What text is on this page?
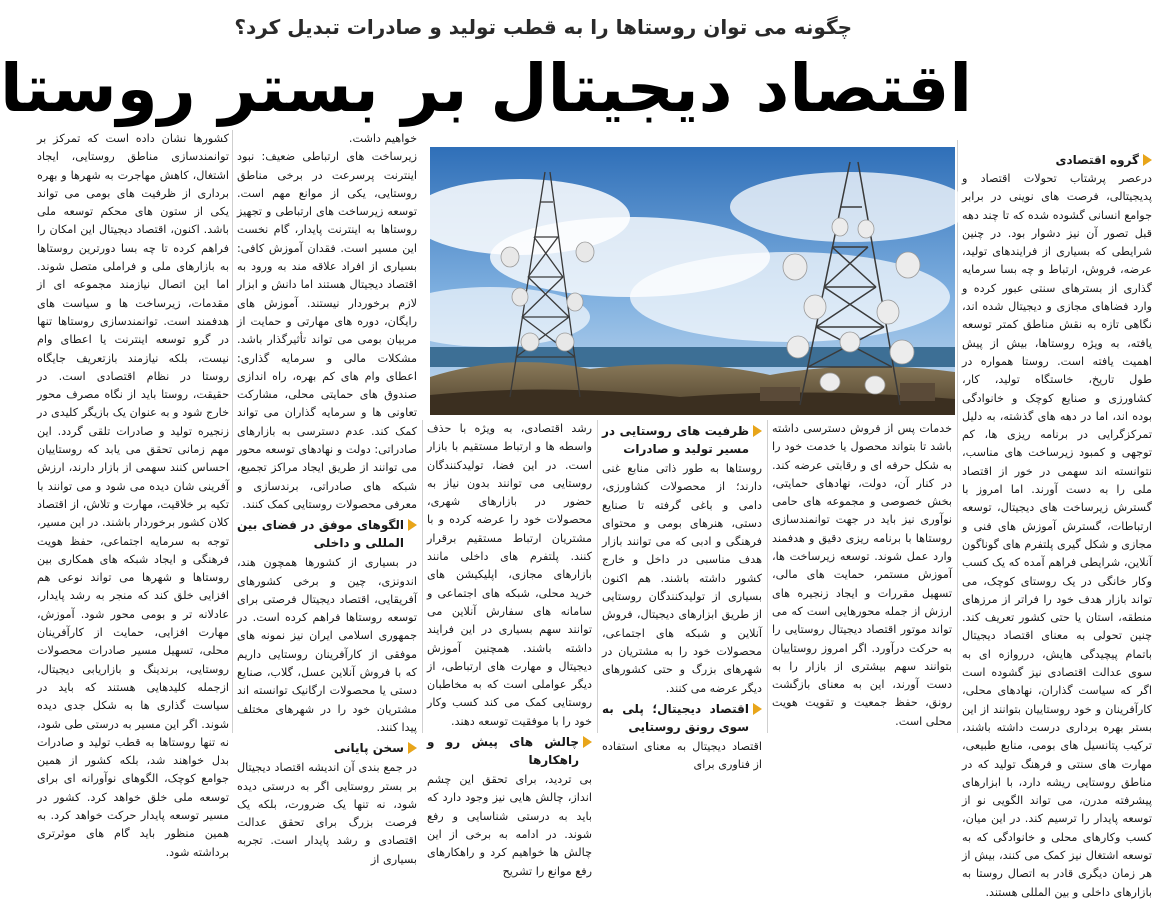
چگونه می توان روستاها را به قطب تولید و صادرات تبدیل کرد؟
اقتصاد دیجیتال بر بستر روستا
گروه اقتصادی

درعصر پرشتاب تحولات اقتصاد و پدیجیتالی، فرصت های نوینی در برابر جوامع انسانی گشوده شده که تا چند دهه قبل تصور آن نیز دشوار بود. در چنین شرایطی که بسیاری از فرایندهای تولید، عرضه، فروش، ارتباط و چه بسا سرمایه گذاری از بسترهای سنتی عبور کرده و وارد فضاهای مجازی و دیجیتال شده اند، نگاهی تازه به نقش مناطق کمتر توسعه یافته، به ویژه روستاها، بیش از پیش اهمیت یافته است. روستا همواره در طول تاریخ، خاستگاه تولید، کار، کشاورزی و صنایع کوچک و خانوادگی بوده اند، اما در دهه های گذشته، به دلیل تمرکزگرایی در برنامه ریزی ها، کم توجهی و کمبود زیرساخت های مناسب، نتوانسته اند سهمی در خور از اقتصاد ملی را به دست آورند. اما امروز با گسترش زیرساخت های دیجیتال، توسعه ارتباطات، گسترش آموزش های فنی و مجازی و شکل گیری پلتفرم های گوناگون آنلاین، شرایطی فراهم آمده که یک کسب وکار خانگی در یک روستای کوچک، می تواند بازار هدف خود را فراتر از مرزهای منطقه، استان یا حتی کشور تعریف کند. چنین تحولی به معنای اقتصاد دیجیتال باتمام پیچیدگی هایش، درروازه ای به سوی عدالت اقتصادی نیز گشوده است اگر که سیاست گذاران، نهادهای محلی، کارآفرینان و خود روستاییان بتوانند از این بستر بهره برداری درست داشته باشند، ترکیب پتانسیل های بومی، منابع طبیعی، مهارت های سنتی و فرهنگ تولید که در مناطق روستایی ریشه دارد، با ابزارهای پیشرفته مدرن، می تواند الگویی نو از توسعه پایدار را ترسیم کند. در این میان، کسب وکارهای محلی و خانوادگی که به توسعه اشتغال نیز کمک می کنند، بیش از هر زمان دیگری قادر به اتصال روستا به بازارهای داخلی و بین المللی هستند.

خدمات پس از فروش دسترسی داشته باشد تا بتواند محصول یا خدمت خود را به شکل حرفه ای و رقابتی عرضه کند. در کنار آن، دولت، نهادهای حمایتی، بخش خصوصی و مجموعه های حامی نوآوری نیز باید در جهت توانمندسازی روستاها با برنامه ریزی دقیق و هدفمند وارد عمل شوند. توسعه زیرساخت ها، آموزش مستمر، حمایت های مالی، تسهیل مقررات و ایجاد زنجیره های ارزش از جمله محورهایی است که می تواند موتور اقتصاد دیجیتال روستایی را به حرکت درآورد. اگر امروز روستاییان بتوانند سهم بیشتری از بازار را به دست آورند، این به معنای بازگشت رونق، حفظ جمعیت و تقویت هویت محلی است.

ظرفیت های روستایی در مسیر تولید و صادرات

روستاها به طور ذاتی منابع غنی دارند؛ از محصولات کشاورزی، دامی و باغی گرفته تا صنایع دستی، هنرهای بومی و محتوای فرهنگی و ادبی که می توانند بازار هدف مناسبی در داخل و خارج کشور داشته باشند. هم اکنون بسیاری از تولیدکنندگان روستایی از طریق ابزارهای دیجیتال، فروش آنلاین و شبکه های اجتماعی، محصولات خود را به مشتریان در شهرهای بزرگ و حتی کشورهای دیگر عرضه می کنند.

اقتصاد دیجیتال؛ پلی به سوی رونق روستایی

اقتصاد دیجیتال به معنای استفاده از فناوری برای

رشد اقتصادی، به ویژه با حذف واسطه ها و ارتباط مستقیم با بازار است. در این فضا، تولیدکنندگان روستایی می توانند بدون نیاز به حضور در بازارهای شهری، محصولات خود را عرضه کرده و با مشتریان ارتباط مستقیم برقرار کنند. پلتفرم های داخلی مانند بازارهای مجازی، اپلیکیشن های خرید محلی، شبکه های اجتماعی و سامانه های سفارش آنلاین می توانند سهم بسیاری در این فرایند داشته باشند. همچنین آموزش دیجیتال و مهارت های ارتباطی، از دیگر عواملی است که به مخاطبان روستایی کمک می کند کسب وکار خود را با موفقیت توسعه دهند.

چالش های پیش رو و راهکارها

بی تردید، برای تحقق این چشم انداز، چالش هایی نیز وجود دارد که باید به درستی شناسایی و رفع شوند. در ادامه به برخی از این چالش ها خواهیم کرد و راهکارهای رفع موانع را تشریح

خواهیم داشت.

زیرساخت های ارتباطی ضعیف: نبود اینترنت پرسرعت در برخی مناطق روستایی، یکی از موانع مهم است. توسعه زیرساخت های ارتباطی و تجهیز روستاها به اینترنت پایدار، گام نخست این مسیر است. فقدان آموزش کافی: بسیاری از افراد علاقه مند به ورود به اقتصاد دیجیتال هستند اما دانش و ابزار لازم برخوردار نیستند. آموزش های رایگان، دوره های مهارتی و حمایت از مربیان بومی می تواند تأثیرگذار باشد. مشکلات مالی و سرمایه گذاری: اعطای وام های کم بهره، راه اندازی صندوق های حمایتی محلی، مشارکت تعاونی ها و سرمایه گذاران می تواند کمک کند. عدم دسترسی به بازارهای صادراتی: دولت و نهادهای توسعه محور می توانند از طریق ایجاد مراکز تجمیع، شبکه های صادراتی، برندسازی و معرفی محصولات روستایی کمک کنند.

الگوهای موفق در فضای بین المللی و داخلی

در بسیاری از کشورها همچون هند، اندونزی، چین و برخی کشورهای آفریقایی، اقتصاد دیجیتال فرصتی برای توسعه روستاها فراهم کرده است. در جمهوری اسلامی ایران نیز نمونه های موفقی از کارآفرینان روستایی داریم که با فروش آنلاین عسل، گلاب، صنایع دستی یا محصولات ارگانیک توانسته اند مشتریان خود را در شهرهای مختلف پیدا کنند.

سخن پایانی

در جمع بندی آن اندیشه اقتصاد دیجیتال بر بستر روستایی اگر به درستی دیده شود، نه تنها یک ضرورت، بلکه یک فرصت بزرگ برای تحقق عدالت اقتصادی و رشد پایدار است. تجربه بسیاری از

کشورها نشان داده است که تمرکز بر توانمندسازی مناطق روستایی، ایجاد اشتغال، کاهش مهاجرت به شهرها و بهره برداری از ظرفیت های بومی می تواند یکی از ستون های محکم توسعه ملی باشد. اکنون، اقتصاد دیجیتال این امکان را فراهم کرده تا چه بسا دورترین روستاها به بازارهای ملی و فراملی متصل شوند. اما این اتصال نیازمند مجموعه ای از مقدمات، زیرساخت ها و سیاست های هدفمند است. توانمندسازی روستاها تنها در گرو توسعه اینترنت یا اعطای وام نیست، بلکه نیازمند بازتعریف جایگاه روستا در نظام اقتصادی است. در حقیقت، روستا باید از نگاه مصرف محور خارج شود و به عنوان یک بازیگر کلیدی در زنجیره تولید و صادرات تلقی گردد. این مهم زمانی تحقق می یابد که روستاییان احساس کنند سهمی از بازار دارند، ارزش آفرینی شان دیده می شود و می توانند با تکیه بر خلاقیت، مهارت و تلاش، از اقتصاد کلان کشور برخوردار باشند. در این مسیر، توجه به سرمایه اجتماعی، حفظ هویت فرهنگی و ایجاد شبکه های همکاری بین روستاها و شهرها می تواند نوعی هم افزایی خلق کند که منجر به رشد پایدار، عادلانه تر و بومی محور شود. آموزش، مهارت افزایی، حمایت از کارآفرینان محلی، تسهیل مسیر صادرات محصولات روستایی، برندینگ و بازاریابی دیجیتال، ازجمله کلیدهایی هستند که باید در سیاست گذاری ها به شکل جدی دیده شوند. اگر این مسیر به درستی طی شود، نه تنها روستاها به قطب تولید و صادرات بدل خواهند شد، بلکه کشور از همین جوامع کوچک، الگوهای نوآورانه ای برای توسعه ملی خلق خواهد کرد. کشور در مسیر توسعه پایدار حرکت خواهد کرد. به همین منظور باید گام های موثرتری برداشته شود.
